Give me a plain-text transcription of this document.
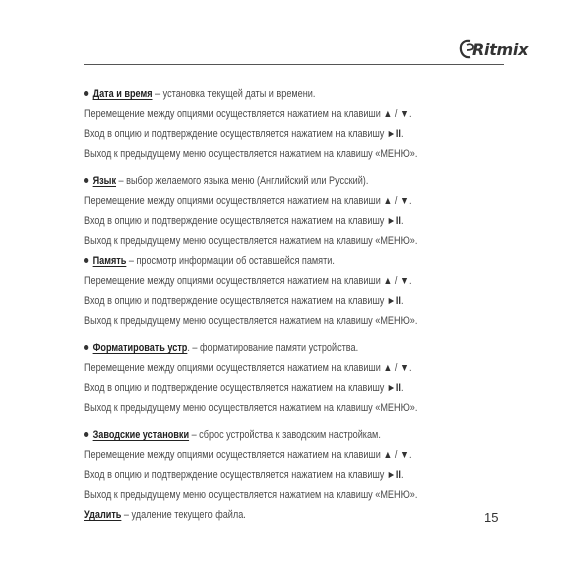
Ritmix
Дата и время – установка текущей даты и времени.
Перемещение между опциями осуществляется нажатием на клавиши ▲ / ▼.
Вход в опцию и подтверждение осуществляется нажатием на клавишу ►II.
Выход к предыдущему меню осуществляется нажатием на клавишу «МЕНЮ».
Язык – выбор желаемого языка меню (Английский или Русский).
Перемещение между опциями осуществляется нажатием на клавиши ▲ / ▼.
Вход в опцию и подтверждение осуществляется нажатием на клавишу ►II.
Выход к предыдущему меню осуществляется нажатием на клавишу «МЕНЮ».
Память – просмотр информации об оставшейся памяти.
Перемещение между опциями осуществляется нажатием на клавиши ▲ / ▼.
Вход в опцию и подтверждение осуществляется нажатием на клавишу ►II.
Выход к предыдущему меню осуществляется нажатием на клавишу «МЕНЮ».
Форматировать устр. – форматирование памяти устройства.
Перемещение между опциями осуществляется нажатием на клавиши ▲ / ▼.
Вход в опцию и подтверждение осуществляется нажатием на клавишу ►II.
Выход к предыдущему меню осуществляется нажатием на клавишу «МЕНЮ».
Заводские установки – сброс устройства к заводским настройкам.
Перемещение между опциями осуществляется нажатием на клавиши ▲ / ▼.
Вход в опцию и подтверждение осуществляется нажатием на клавишу ►II.
Выход к предыдущему меню осуществляется нажатием на клавишу «МЕНЮ».
Удалить – удаление текущего файла.	15
